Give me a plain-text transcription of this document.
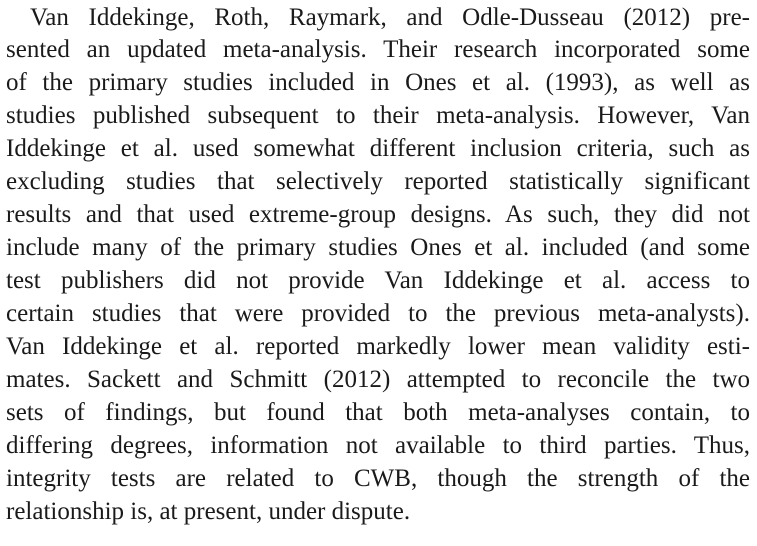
Van Iddekinge, Roth, Raymark, and Odle-Dusseau (2012) pre-
sented an updated meta-analysis. Their research incorporated some
of the primary studies included in Ones et al. (1993), as well as
studies published subsequent to their meta-analysis. However, Van
Iddekinge et al. used somewhat different inclusion criteria, such as
excluding studies that selectively reported statistically significant
results and that used extreme-group designs. As such, they did not
include many of the primary studies Ones et al. included (and some
test publishers did not provide Van Iddekinge et al. access to
certain studies that were provided to the previous meta-analysts).
Van Iddekinge et al. reported markedly lower mean validity esti-
mates. Sackett and Schmitt (2012) attempted to reconcile the two
sets of findings, but found that both meta-analyses contain, to
differing degrees, information not available to third parties. Thus,
integrity tests are related to CWB, though the strength of the
relationship is, at present, under dispute.
